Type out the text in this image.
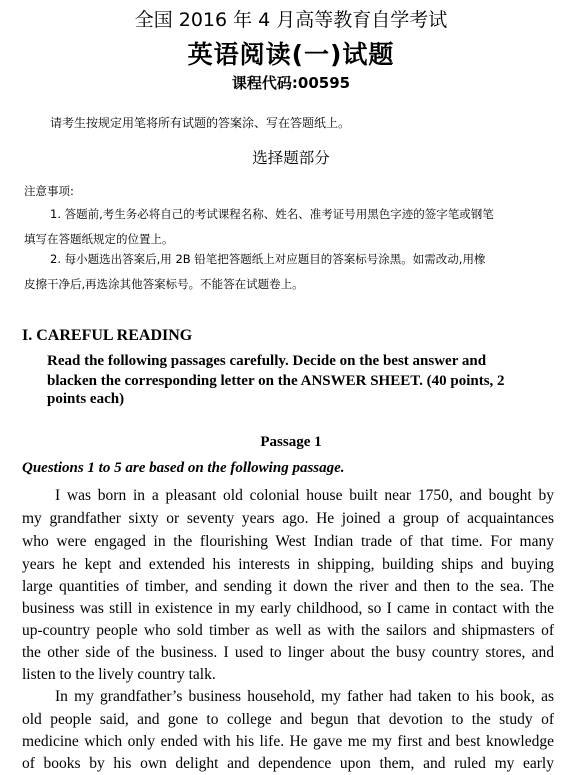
全国 2016 年 4 月高等教育自学考试

英语阅读(一)试题

课程代码:00595

请考生按规定用笔将所有试题的答案涂、写在答题纸上。

选择题部分

注意事项:

1. 答题前,考生务必将自己的考试课程名称、姓名、准考证号用黑色字迹的签字笔或钢笔

填写在答题纸规定的位置上。

2. 每小题选出答案后,用 2B 铅笔把答题纸上对应题目的答案标号涂黑。如需改动,用橡

皮擦干净后,再选涂其他答案标号。不能答在试题卷上。

I. CAREFUL READING

Read the following passages carefully. Decide on the best answer and

blacken the corresponding letter on the ANSWER SHEET. (40 points, 2

points each)

Passage 1

Questions 1 to 5 are based on the following passage.

I was born in a pleasant old colonial house built near 1750, and bought by

my grandfather sixty or seventy years ago. He joined a group of acquaintances

who were engaged in the flourishing West Indian trade of that time. For many

years he kept and extended his interests in shipping, building ships and buying

large quantities of timber, and sending it down the river and then to the sea. The

business was still in existence in my early childhood, so I came in contact with the

up-country people who sold timber as well as with the sailors and shipmasters of

the other side of the business. I used to linger about the busy country stores, and

listen to the lively country talk.

In my grandfather’s business household, my father had taken to his book, as

old people said, and gone to college and begun that devotion to the study of

medicine which only ended with his life. He gave me my first and best knowledge

of books by his own delight and dependence upon them, and ruled my early
